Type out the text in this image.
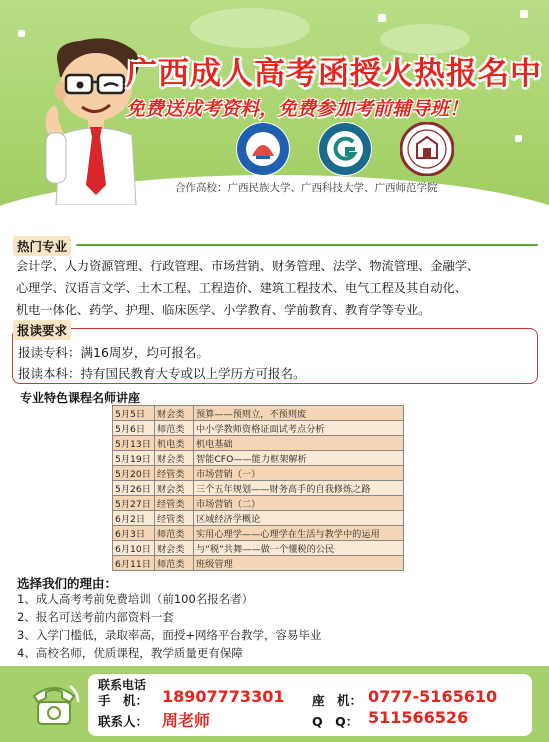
广西成人高考函授火热报名中
免费送成考资料，免费参加考前辅导班！
合作高校：广西民族大学、广西科技大学、广西师范学院
热门专业
会计学、人力资源管理、行政管理、市场营销、财务管理、法学、物流管理、金融学、
心理学、汉语言文学、土木工程、工程造价、建筑工程技术、电气工程及其自动化、
机电一体化、药学、护理、临床医学、小学教育、学前教育、教育学等专业。
报读要求
报读专科：满16周岁，均可报名。
报读本科：持有国民教育大专或以上学历方可报名。
专业特色课程名师讲座
5月5日	财会类	预算——预则立，不预则废
5月6日	师范类	中小学教师资格证面试考点分析
5月13日	机电类	机电基础
5月19日	财会类	智能CFO——能力框架解析
5月20日	经管类	市场营销（一）
5月26日	财会类	三个五年规划——财务高手的自我修炼之路
5月27日	经管类	市场营销（二）
6月2日	经管类	区域经济学概论
6月3日	师范类	实用心理学——心理学在生活与教学中的运用
6月10日	财会类	与“税”共舞——做一个懂税的公民
6月11日	师范类	班级管理
选择我们的理由：
1、成人高考考前免费培训（前100名报名者）
2、报名可送考前内部资料一套
3、入学门槛低，录取率高，面授+网络平台教学，容易毕业
4、高校名师，优质课程，教学质量更有保障
联系电话
手　机： 18907773301 座　机： 0777-5165610
联系人： 周老师	Q　Q： 511566526
